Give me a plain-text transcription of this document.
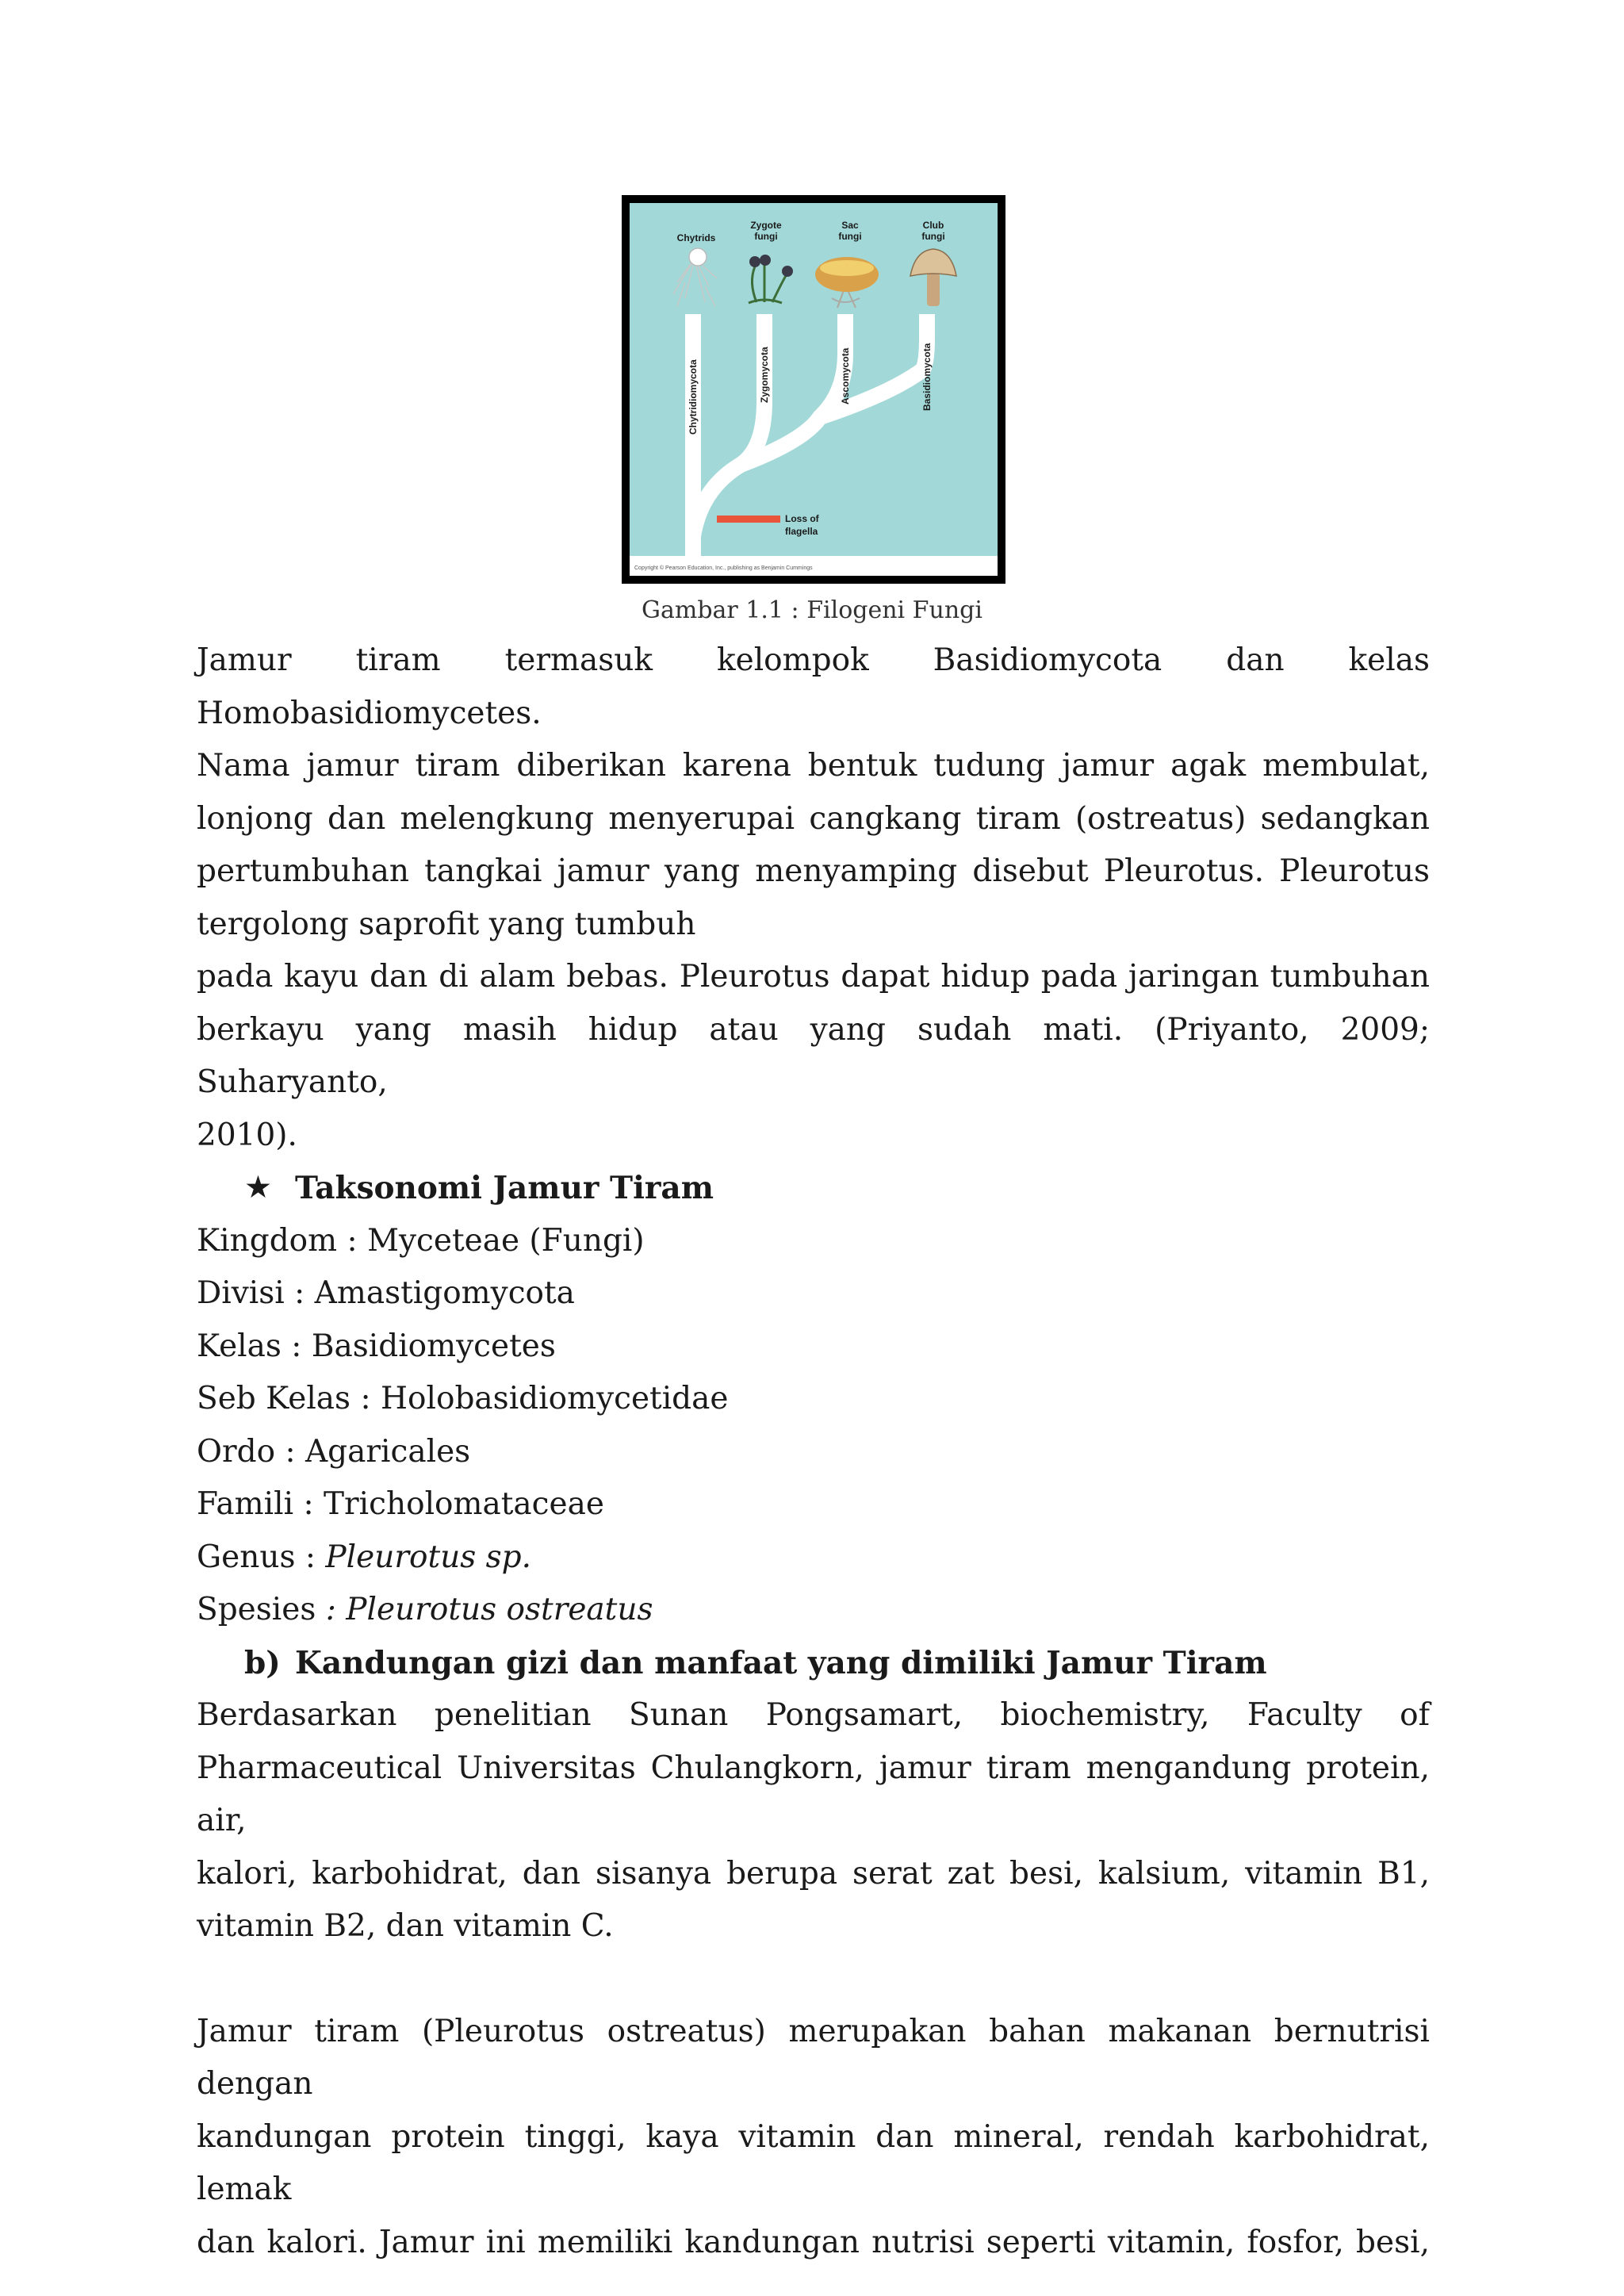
Chytrids
Zygote
fungi
Sac
fungi
Club
fungi
Chytridiomycota	Zygomycota	Ascomycota	Basidiomycota
Loss of
flagella
Copyright © Pearson Education, Inc., publishing as Benjamin Cummings
Gambar 1.1 : Filogeni Fungi

Jamur tiram termasuk kelompok Basidiomycota dan kelas Homobasidiomycetes.
Nama jamur tiram diberikan karena bentuk tudung jamur agak membulat,
lonjong dan melengkung menyerupai cangkang tiram (ostreatus) sedangkan
pertumbuhan tangkai jamur yang menyamping disebut Pleurotus. Pleurotus
tergolong saprofit yang tumbuh

pada kayu dan di alam bebas. Pleurotus dapat hidup pada jaringan tumbuhan
berkayu yang masih hidup atau yang sudah mati. (Priyanto, 2009; Suharyanto,
2010).

★ Taksonomi Jamur Tiram
Kingdom : Myceteae (Fungi)
Divisi : Amastigomycota
Kelas : Basidiomycetes
Seb Kelas : Holobasidiomycetidae
Ordo : Agaricales
Famili : Tricholomataceae
Genus : Pleurotus sp.
Spesies : Pleurotus ostreatus
b) Kandungan gizi dan manfaat yang dimiliki Jamur Tiram

Berdasarkan penelitian Sunan Pongsamart, biochemistry, Faculty of
Pharmaceutical Universitas Chulangkorn, jamur tiram mengandung protein, air,
kalori, karbohidrat, dan sisanya berupa serat zat besi, kalsium, vitamin B1,
vitamin B2, dan vitamin C.

Jamur tiram (Pleurotus ostreatus) merupakan bahan makanan bernutrisi dengan
kandungan protein tinggi, kaya vitamin dan mineral, rendah karbohidrat, lemak
dan kalori. Jamur ini memiliki kandungan nutrisi seperti vitamin, fosfor, besi,
